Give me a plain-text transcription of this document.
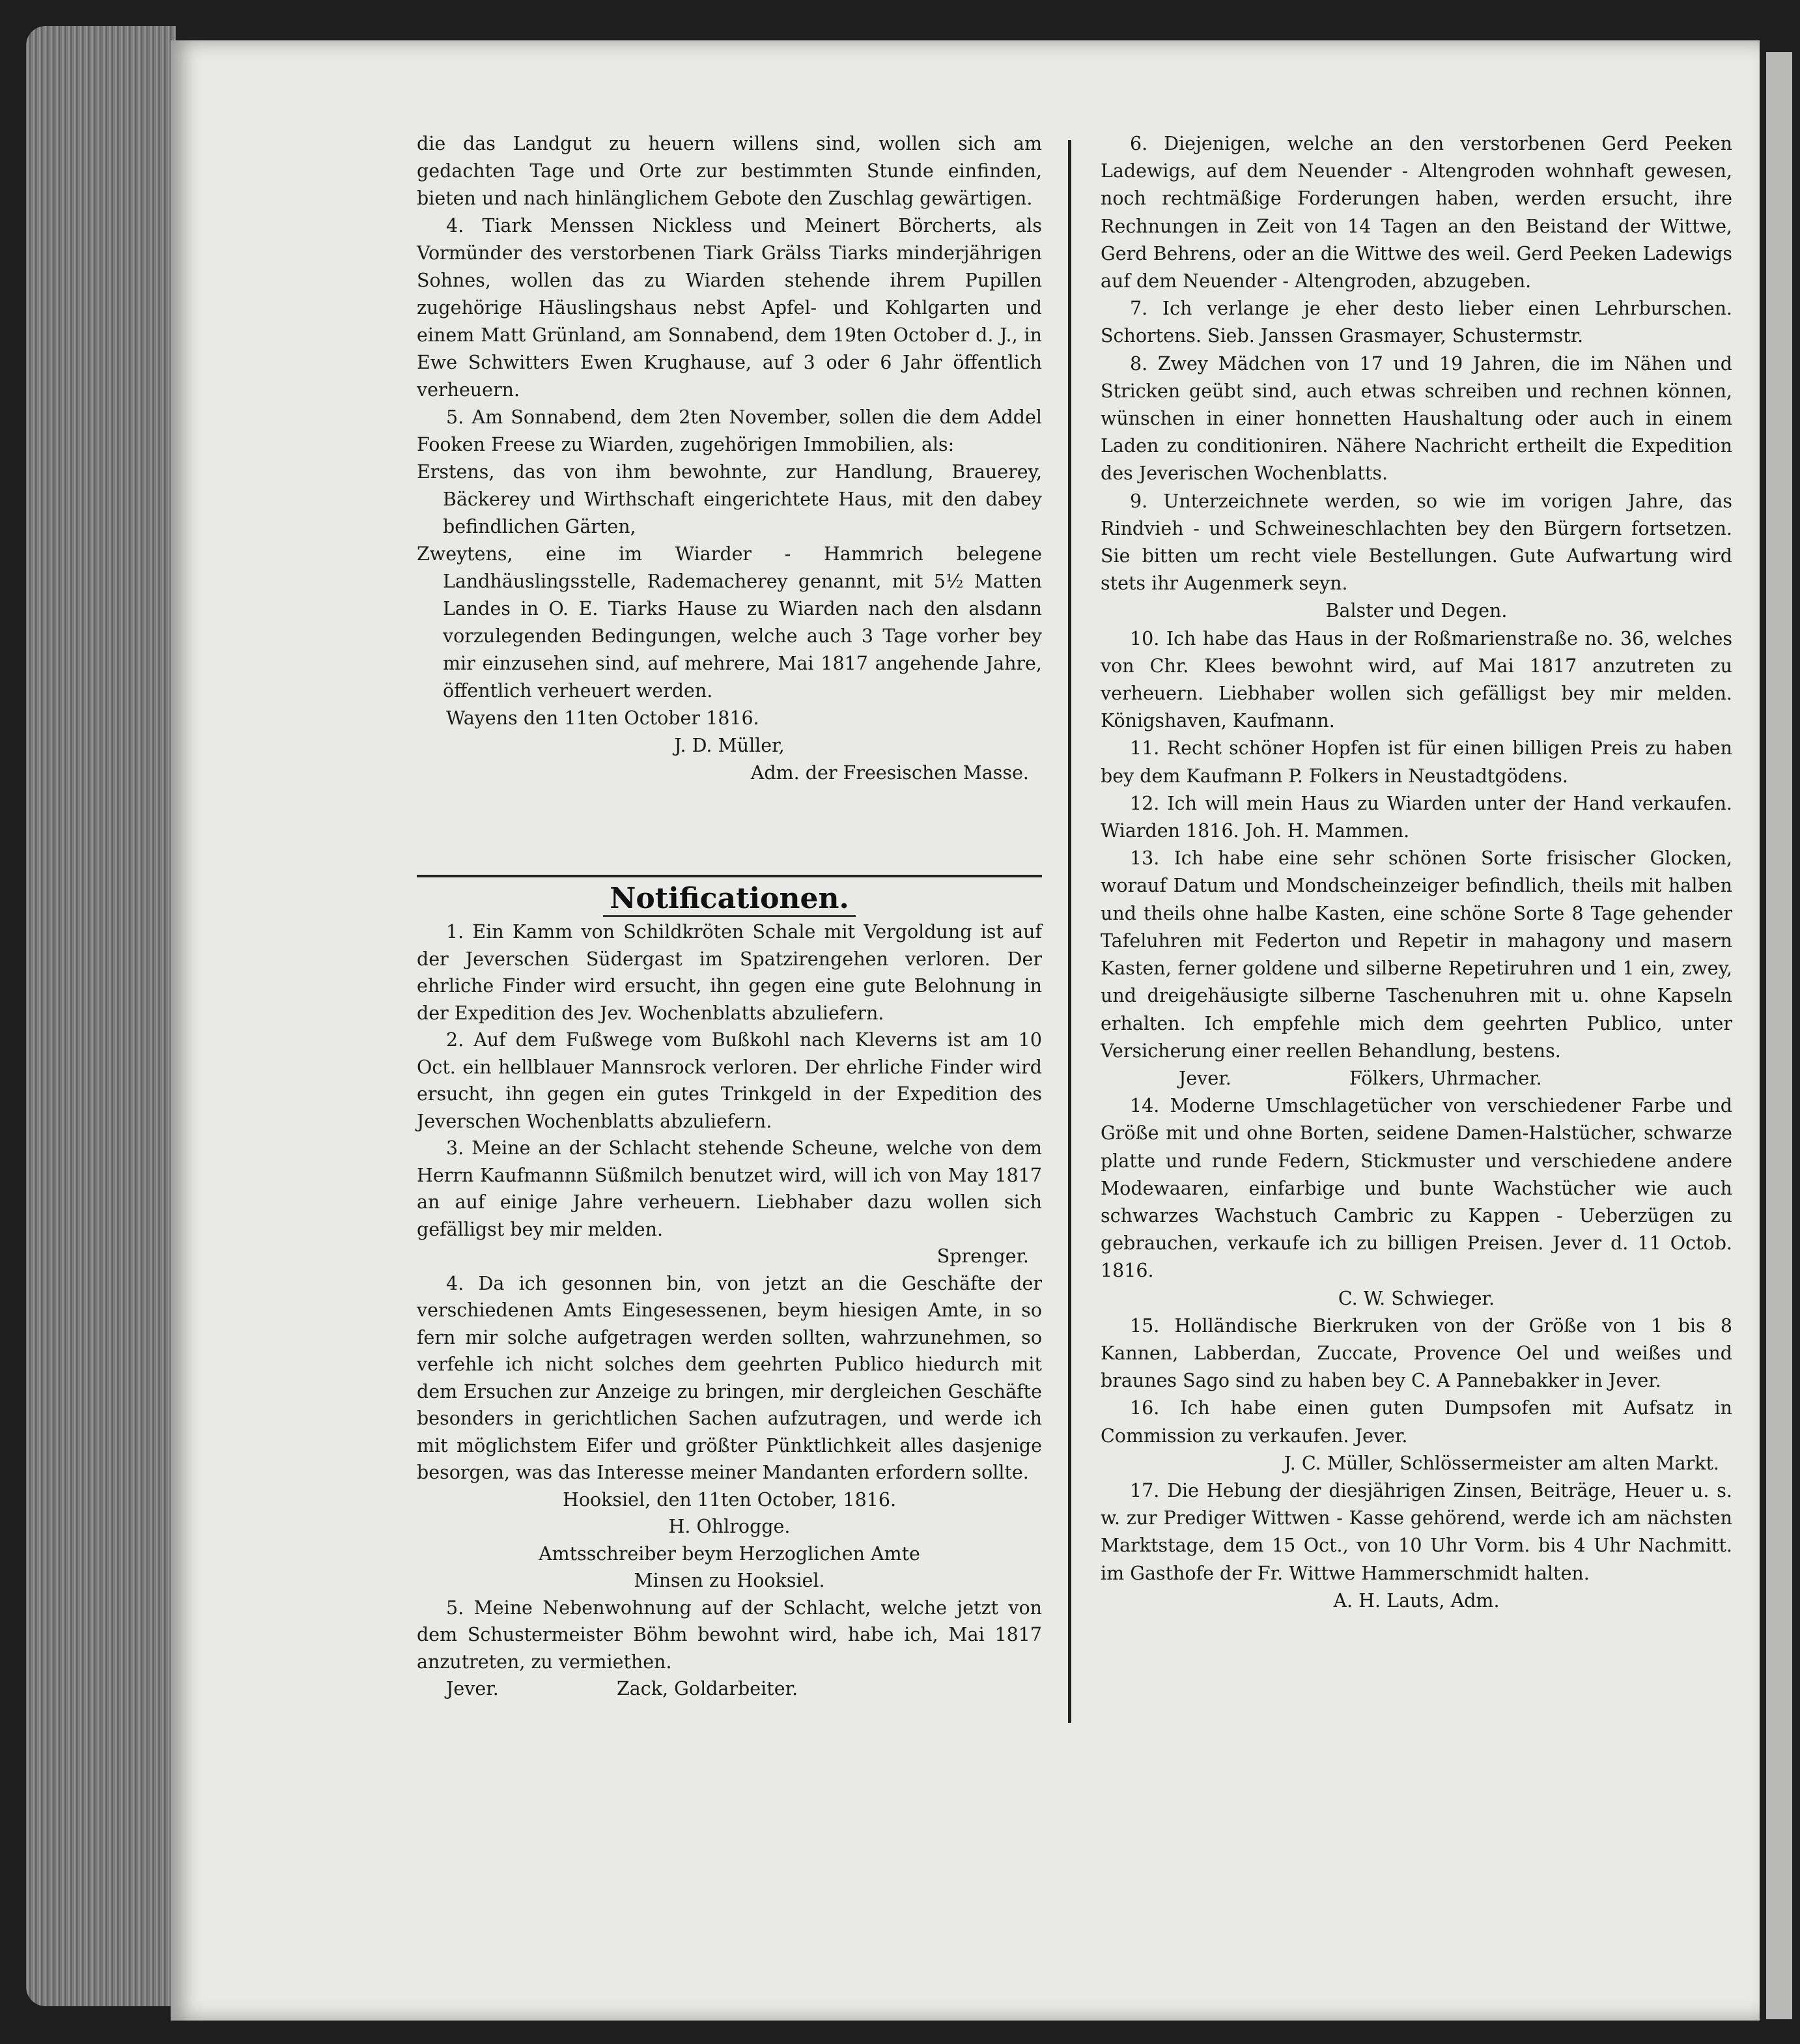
die das Landgut zu heuern willens sind, wollen sich am gedachten Tage und Orte zur bestimmten Stunde einfinden, bieten und nach hinlänglichem Gebote den Zuschlag gewärtigen.

4. Tiark Menssen Nickless und Meinert Börcherts, als Vormünder des verstorbenen Tiark Grälss Tiarks minderjährigen Sohnes, wollen das zu Wiarden stehende ihrem Pupillen zugehörige Häuslingshaus nebst Apfel- und Kohlgarten und einem Matt Grünland, am Sonnabend, dem 19ten October d. J., in Ewe Schwitters Ewen Krughause, auf 3 oder 6 Jahr öffentlich verheuern.

5. Am Sonnabend, dem 2ten November, sollen die dem Addel Fooken Freese zu Wiarden, zugehörigen Immobilien, als:

Erstens, das von ihm bewohnte, zur Handlung, Brauerey, Bäckerey und Wirthschaft eingerichtete Haus, mit den dabey befindlichen Gärten,

Zweytens, eine im Wiarder - Hammrich belegene Landhäuslingsstelle, Rademacherey genannt, mit 5½ Matten Landes in O. E. Tiarks Hause zu Wiarden nach den alsdann vorzulegenden Bedingungen, welche auch 3 Tage vorher bey mir einzusehen sind, auf mehrere, Mai 1817 angehende Jahre, öffentlich verheuert werden.

Wayens den 11ten October 1816.

J. D. Müller,

Adm. der Freesischen Masse.

Notificationen.

1. Ein Kamm von Schildkröten Schale mit Vergoldung ist auf der Jeverschen Südergast im Spatzirengehen verloren. Der ehrliche Finder wird ersucht, ihn gegen eine gute Belohnung in der Expedition des Jev. Wochenblatts abzuliefern.

2. Auf dem Fußwege vom Bußkohl nach Kleverns ist am 10 Oct. ein hellblauer Mannsrock verloren. Der ehrliche Finder wird ersucht, ihn gegen ein gutes Trinkgeld in der Expedition des Jeverschen Wochenblatts abzuliefern.

3. Meine an der Schlacht stehende Scheune, welche von dem Herrn Kaufmannn Süßmilch benutzet wird, will ich von May 1817 an auf einige Jahre verheuern. Liebhaber dazu wollen sich gefälligst bey mir melden.

Sprenger.

4. Da ich gesonnen bin, von jetzt an die Geschäfte der verschiedenen Amts Eingesessenen, beym hiesigen Amte, in so fern mir solche aufgetragen werden sollten, wahrzunehmen, so verfehle ich nicht solches dem geehrten Publico hiedurch mit dem Ersuchen zur Anzeige zu bringen, mir dergleichen Geschäfte besonders in gerichtlichen Sachen aufzutragen, und werde ich mit möglichstem Eifer und größter Pünktlichkeit alles dasjenige besorgen, was das Interesse meiner Mandanten erfordern sollte.

Hooksiel, den 11ten October, 1816.

H. Ohlrogge.

Amtsschreiber beym Herzoglichen Amte

Minsen zu Hooksiel.

5. Meine Nebenwohnung auf der Schlacht, welche jetzt von dem Schustermeister Böhm bewohnt wird, habe ich, Mai 1817 anzutreten, zu vermiethen.

Jever.                    Zack, Goldarbeiter.

6. Diejenigen, welche an den verstorbenen Gerd Peeken Ladewigs, auf dem Neuender - Altengroden wohnhaft gewesen, noch rechtmäßige Forderungen haben, werden ersucht, ihre Rechnungen in Zeit von 14 Tagen an den Beistand der Wittwe, Gerd Behrens, oder an die Wittwe des weil. Gerd Peeken Ladewigs auf dem Neuender - Altengroden, abzugeben.

7. Ich verlange je eher desto lieber einen Lehrburschen. Schortens. Sieb. Janssen Grasmayer, Schustermstr.

8. Zwey Mädchen von 17 und 19 Jahren, die im Nähen und Stricken geübt sind, auch etwas schreiben und rechnen können, wünschen in einer honnetten Haushaltung oder auch in einem Laden zu conditioniren. Nähere Nachricht ertheilt die Expedition des Jeverischen Wochenblatts.

9. Unterzeichnete werden, so wie im vorigen Jahre, das Rindvieh - und Schweineschlachten bey den Bürgern fortsetzen. Sie bitten um recht viele Bestellungen. Gute Aufwartung wird stets ihr Augenmerk seyn.

Balster und Degen.

10. Ich habe das Haus in der Roßmarienstraße no. 36, welches von Chr. Klees bewohnt wird, auf Mai 1817 anzutreten zu verheuern. Liebhaber wollen sich gefälligst bey mir melden. Königshaven, Kaufmann.

11. Recht schöner Hopfen ist für einen billigen Preis zu haben bey dem Kaufmann P. Folkers in Neustadtgödens.

12. Ich will mein Haus zu Wiarden unter der Hand verkaufen. Wiarden 1816. Joh. H. Mammen.

13. Ich habe eine sehr schönen Sorte frisischer Glocken, worauf Datum und Mondscheinzeiger befindlich, theils mit halben und theils ohne halbe Kasten, eine schöne Sorte 8 Tage gehender Tafeluhren mit Federton und Repetir in mahagony und masern Kasten, ferner goldene und silberne Repetiruhren und 1 ein, zwey, und dreigehäusigte silberne Taschenuhren mit u. ohne Kapseln erhalten. Ich empfehle mich dem geehrten Publico, unter Versicherung einer reellen Behandlung, bestens.

Jever.                    Fölkers, Uhrmacher.

14. Moderne Umschlagetücher von verschiedener Farbe und Größe mit und ohne Borten, seidene Damen-Halstücher, schwarze platte und runde Federn, Stickmuster und verschiedene andere Modewaaren, einfarbige und bunte Wachstücher wie auch schwarzes Wachstuch Cambric zu Kappen - Ueberzügen zu gebrauchen, verkaufe ich zu billigen Preisen. Jever d. 11 Octob. 1816.

C. W. Schwieger.

15. Holländische Bierkruken von der Größe von 1 bis 8 Kannen, Labberdan, Zuccate, Provence Oel und weißes und braunes Sago sind zu haben bey C. A Pannebakker in Jever.

16. Ich habe einen guten Dumpsofen mit Aufsatz in Commission zu verkaufen. Jever.

J. C. Müller, Schlössermeister am alten Markt.

17. Die Hebung der diesjährigen Zinsen, Beiträge, Heuer u. s. w. zur Prediger Wittwen - Kasse gehörend, werde ich am nächsten Marktstage, dem 15 Oct., von 10 Uhr Vorm. bis 4 Uhr Nachmitt. im Gasthofe der Fr. Wittwe Hammerschmidt halten.

A. H. Lauts, Adm.
